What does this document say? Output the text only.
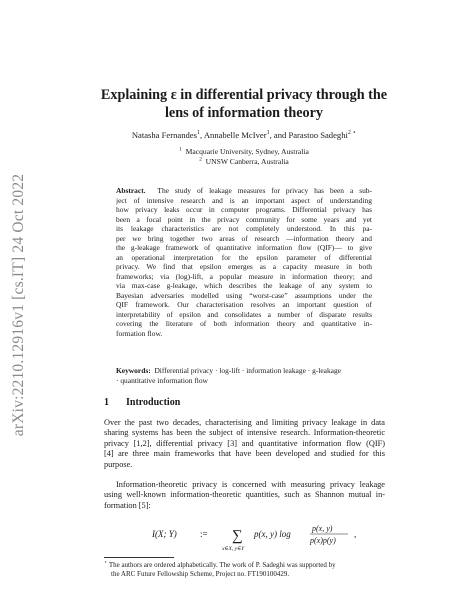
arXiv:2210.12916v1 [cs.IT] 24 Oct 2022
Explaining ε in differential privacy through the
lens of information theory
Natasha Fernandes$^1$, Annabelle McIver$^1$, and Parastoo Sadeghi$^{2 ⋆}$
$^1$ Macquarie University, Sydney, Australia
$^2$ UNSW Canberra, Australia
Abstract. The study of leakage measures for privacy has been a sub-
ject of intensive research and is an important aspect of understanding
how privacy leaks occur in computer programs. Differential privacy has
been a focal point in the privacy community for some years and yet
its leakage characteristics are not completely understood. In this pa-
per we bring together two areas of research —information theory and
the g-leakage framework of quantitative information flow (QIF)— to give
an operational interpretation for the epsilon parameter of differential
privacy. We find that epsilon emerges as a capacity measure in both
frameworks; via (log)-lift, a popular measure in information theory; and
via max-case g-leakage, which describes the leakage of any system to
Bayesian adversaries modelled using “worst-case” assumptions under the
QIF framework. Our characterisation resolves an important question of
interpretability of epsilon and consolidates a number of disparate results
covering the literature of both information theory and quantitative in-
formation flow.
Keywords: Differential privacy · log-lift · information leakage · g-leakage
· quantitative information flow
1 Introduction
Over the past two decades, characterising and limiting privacy leakage in data
sharing systems has been the subject of intensive research. Information-theoretic
privacy [1,2], differential privacy [3] and quantitative information flow (QIF)
[4] are three main frameworks that have been developed and studied for this
purpose.
Information-theoretic privacy is concerned with measuring privacy leakage
using well-known information-theoretic quantities, such as Shannon mutual in-
formation [5]:
I(X; Y)	:= ∑
x∈X, y∈Y
p(x, y) log
p(x, y)
p(x)p(y)
,
⋆ The authors are ordered alphabetically. The work of P. Sadeghi was supported by
the ARC Future Fellowship Scheme, Project no. FT190100429.
